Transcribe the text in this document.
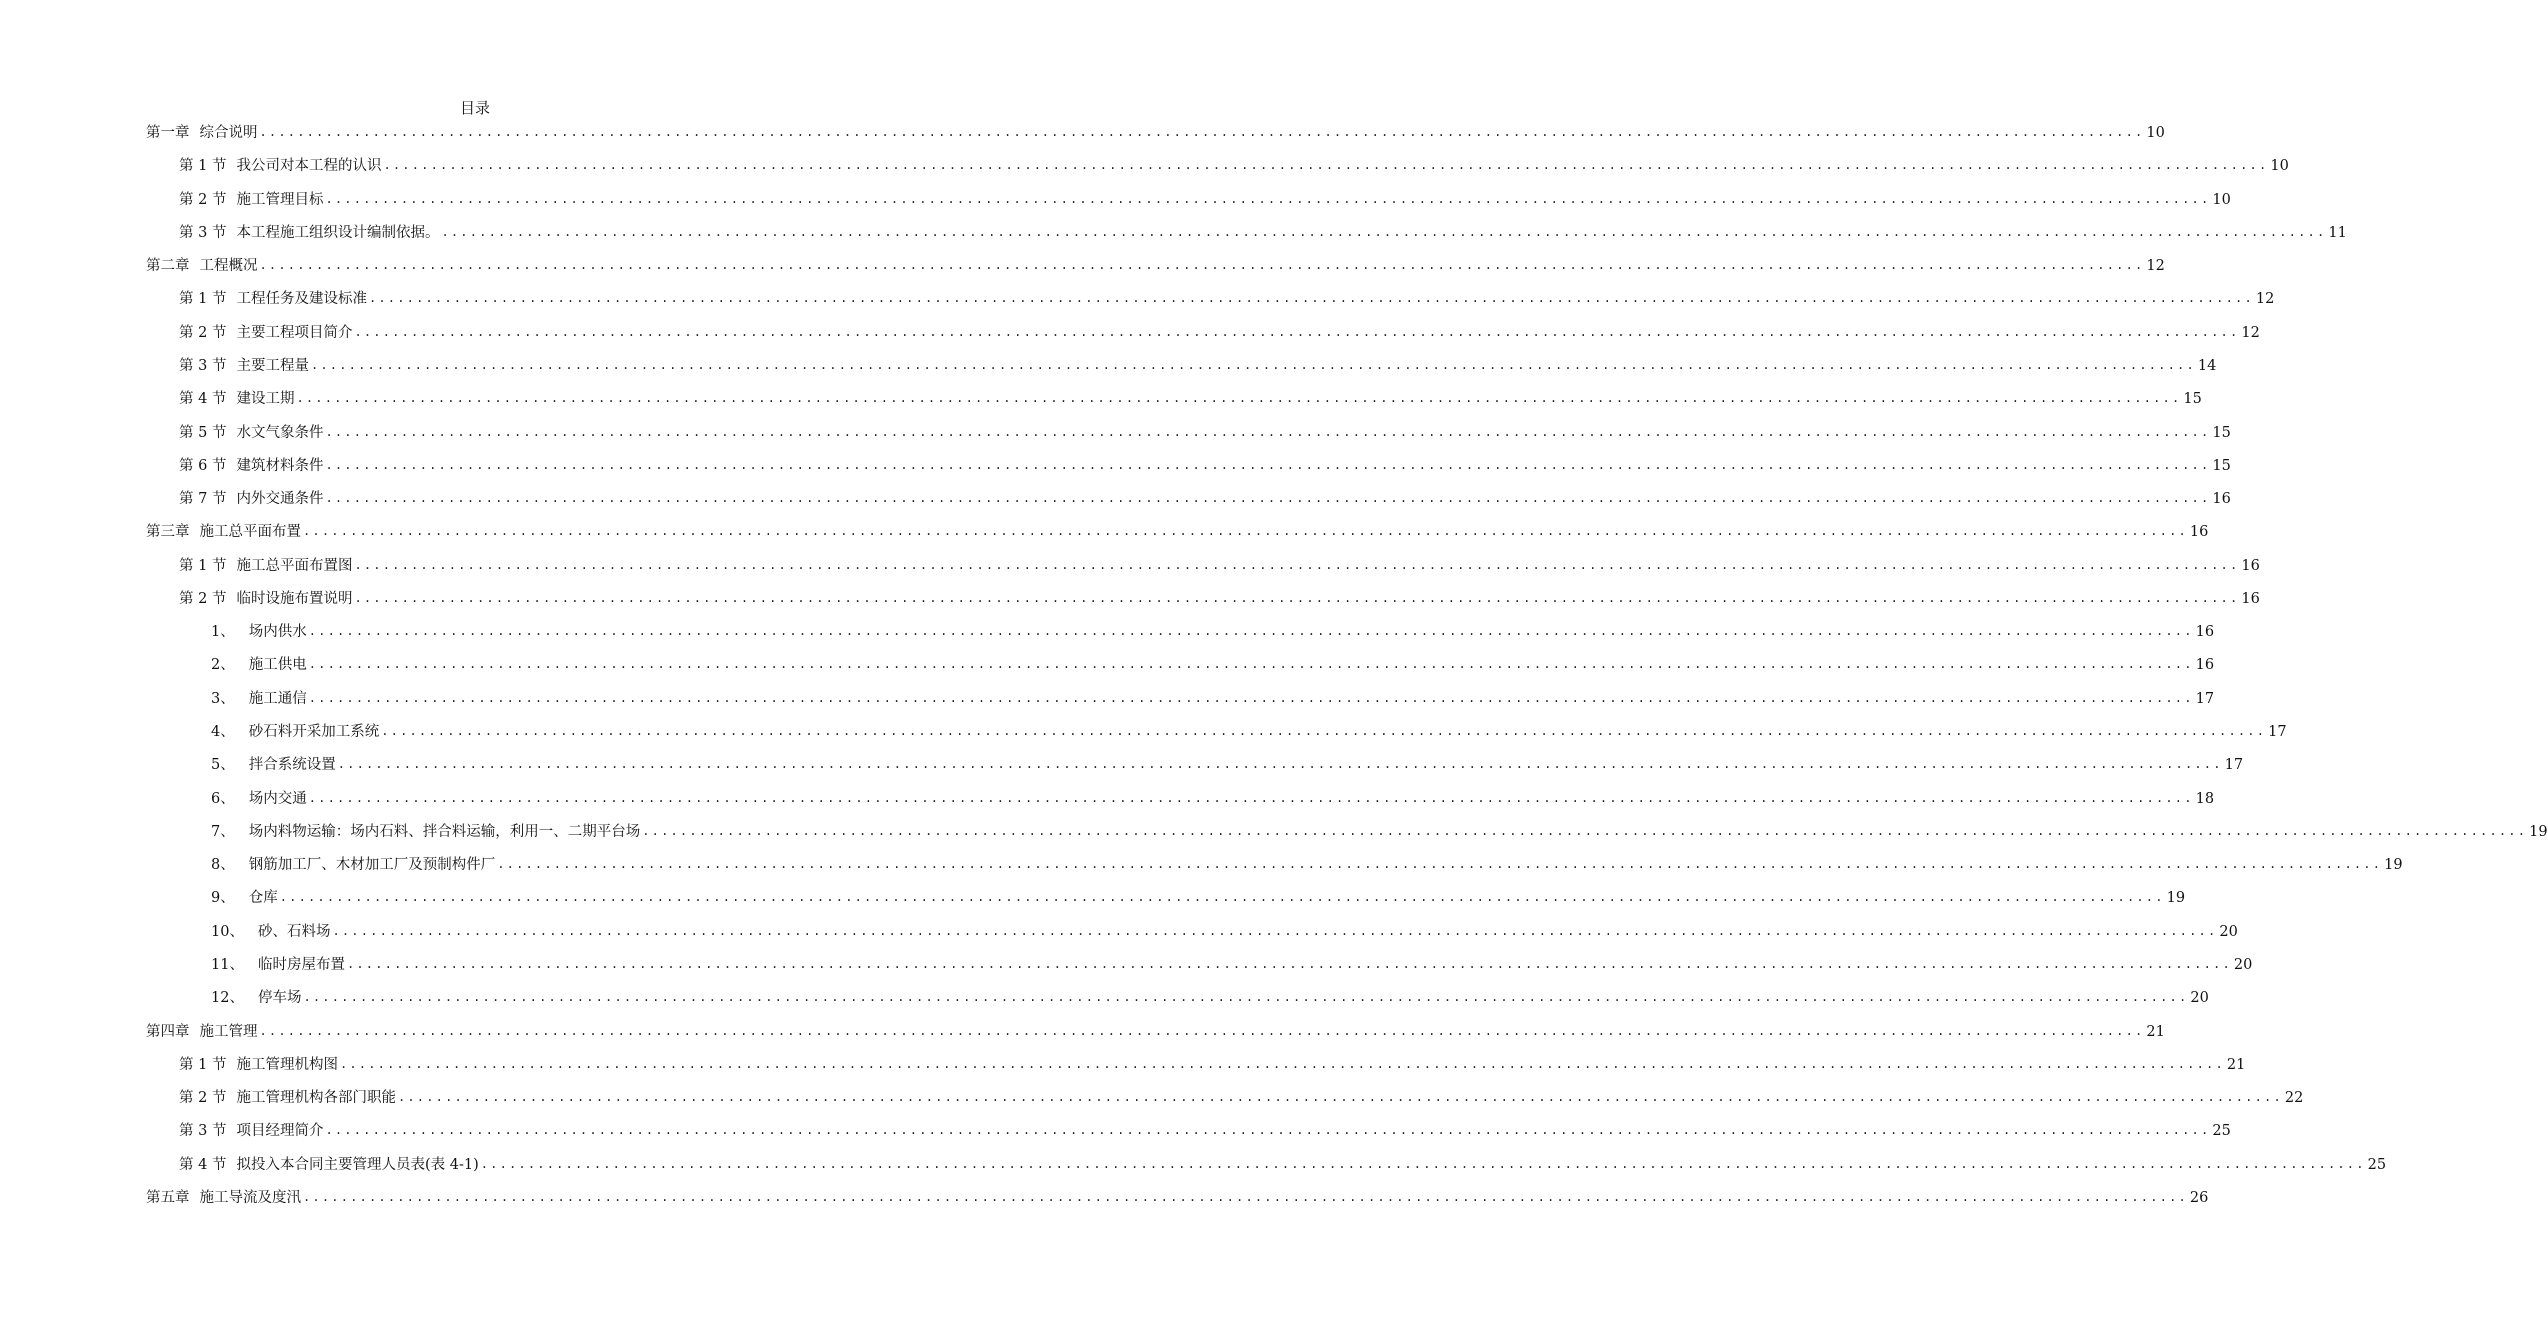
目录
第一章 综合说明 ........................................................................................................................................................................................................ 10
第 1 节 我公司对本工程的认识 ........................................................................................................................................................................................................ 10
第 2 节 施工管理目标 ........................................................................................................................................................................................................ 10
第 3 节 本工程施工组织设计编制依据。 ........................................................................................................................................................................................................ 11
第二章 工程概况 ........................................................................................................................................................................................................ 12
第 1 节 工程任务及建设标准 ........................................................................................................................................................................................................ 12
第 2 节 主要工程项目简介 ........................................................................................................................................................................................................ 12
第 3 节 主要工程量 ........................................................................................................................................................................................................ 14
第 4 节 建设工期 ........................................................................................................................................................................................................ 15
第 5 节 水文气象条件 ........................................................................................................................................................................................................ 15
第 6 节 建筑材料条件 ........................................................................................................................................................................................................ 15
第 7 节 内外交通条件 ........................................................................................................................................................................................................ 16
第三章 施工总平面布置 ........................................................................................................................................................................................................ 16
第 1 节 施工总平面布置图 ........................................................................................................................................................................................................ 16
第 2 节 临时设施布置说明 ........................................................................................................................................................................................................ 16
1、 场内供水 ........................................................................................................................................................................................................ 16
2、 施工供电 ........................................................................................................................................................................................................ 16
3、 施工通信 ........................................................................................................................................................................................................ 17
4、 砂石料开采加工系统 ........................................................................................................................................................................................................ 17
5、 拌合系统设置 ........................................................................................................................................................................................................ 17
6、 场内交通 ........................................................................................................................................................................................................ 18
7、 场内料物运输：场内石料、拌合料运输，利用一、二期平台场 ........................................................................................................................................................................................................ 19
8、 钢筋加工厂、木材加工厂及预制构件厂 ........................................................................................................................................................................................................ 19
9、 仓库 ........................................................................................................................................................................................................ 19
10、 砂、石料场 ........................................................................................................................................................................................................ 20
11、 临时房屋布置 ........................................................................................................................................................................................................ 20
12、 停车场 ........................................................................................................................................................................................................ 20
第四章 施工管理 ........................................................................................................................................................................................................ 21
第 1 节 施工管理机构图 ........................................................................................................................................................................................................ 21
第 2 节 施工管理机构各部门职能 ........................................................................................................................................................................................................ 22
第 3 节 项目经理简介 ........................................................................................................................................................................................................ 25
第 4 节 拟投入本合同主要管理人员表(表 4-1) ........................................................................................................................................................................................................ 25
第五章 施工导流及度汛 ........................................................................................................................................................................................................ 26
